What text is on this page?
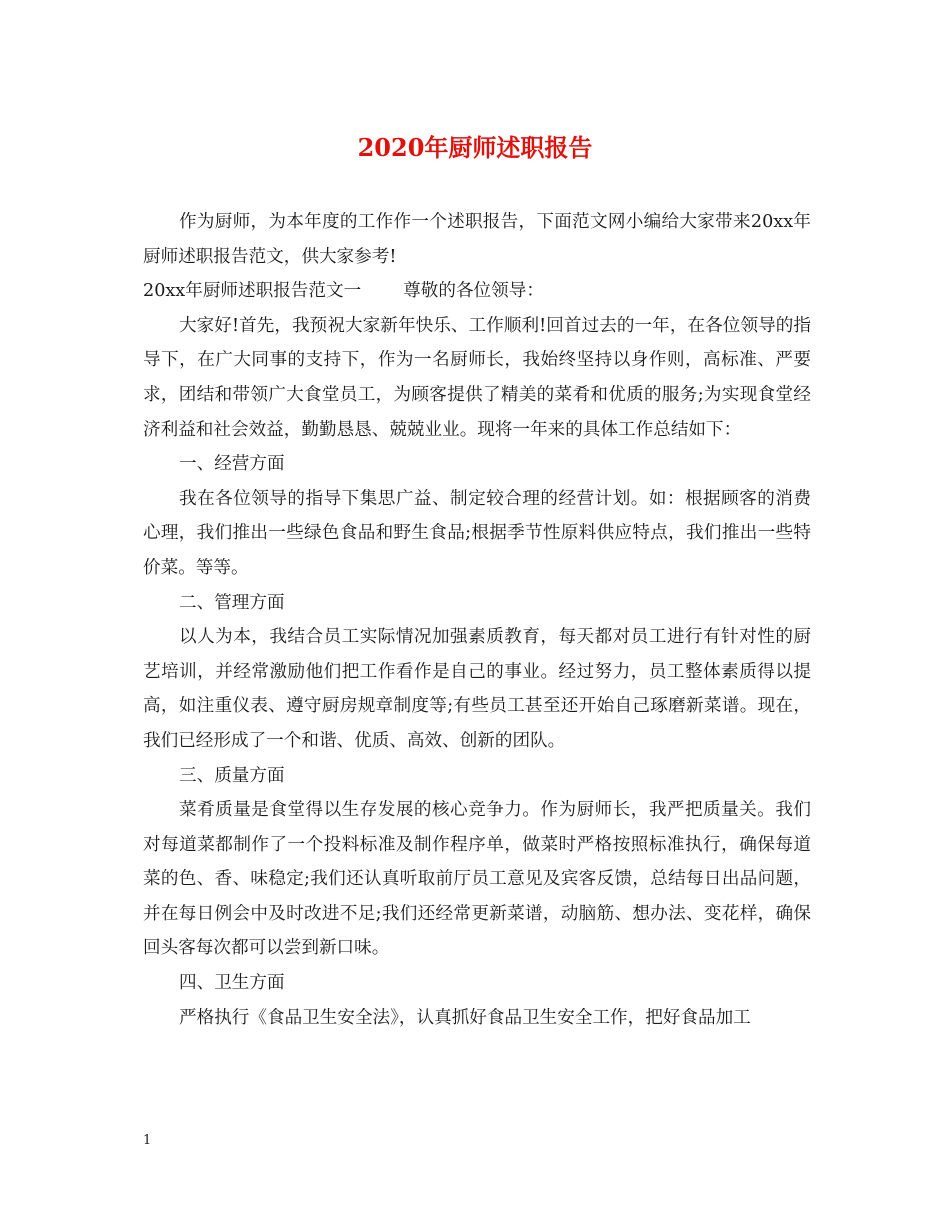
2020年厨师述职报告

作为厨师，为本年度的工作作一个述职报告，下面范文网小编给大家带来20xx年厨师述职报告范文，供大家参考!

20xx年厨师述职报告范文一 尊敬的各位领导：

大家好!首先，我预祝大家新年快乐、工作顺利!回首过去的一年，在各位领导的指导下，在广大同事的支持下，作为一名厨师长，我始终坚持以身作则，高标准、严要求，团结和带领广大食堂员工，为顾客提供了精美的菜肴和优质的服务;为实现食堂经济利益和社会效益，勤勤恳恳、兢兢业业。现将一年来的具体工作总结如下：

一、经营方面

我在各位领导的指导下集思广益、制定较合理的经营计划。如：根据顾客的消费心理，我们推出一些绿色食品和野生食品;根据季节性原料供应特点，我们推出一些特价菜。等等。

二、管理方面

以人为本，我结合员工实际情况加强素质教育，每天都对员工进行有针对性的厨艺培训，并经常激励他们把工作看作是自己的事业。经过努力，员工整体素质得以提高，如注重仪表、遵守厨房规章制度等;有些员工甚至还开始自己琢磨新菜谱。现在，我们已经形成了一个和谐、优质、高效、创新的团队。

三、质量方面

菜肴质量是食堂得以生存发展的核心竞争力。作为厨师长，我严把质量关。我们对每道菜都制作了一个投料标准及制作程序单，做菜时严格按照标准执行，确保每道菜的色、香、味稳定;我们还认真听取前厅员工意见及宾客反馈，总结每日出品问题，并在每日例会中及时改进不足;我们还经常更新菜谱，动脑筋、想办法、变花样，确保回头客每次都可以尝到新口味。

四、卫生方面

严格执行《食品卫生安全法》，认真抓好食品卫生安全工作，把好食品加工

1
